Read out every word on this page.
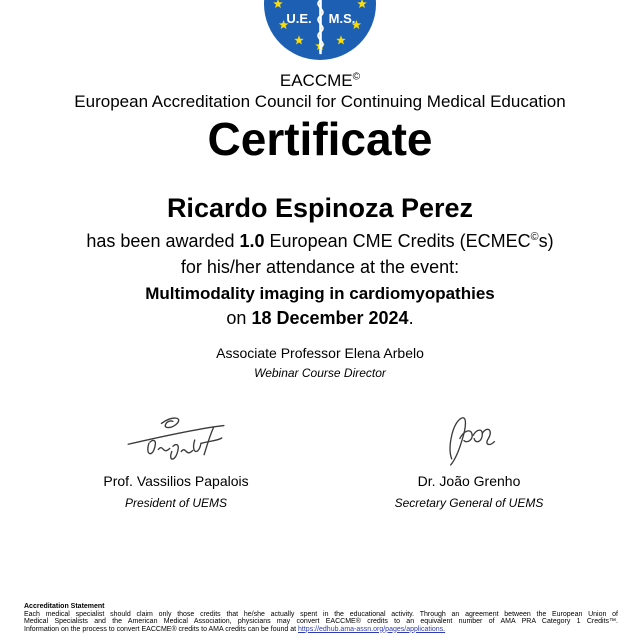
U.E. M.S.
EACCME©
European Accreditation Council for Continuing Medical Education
Certificate
Ricardo Espinoza Perez
has been awarded 1.0 European CME Credits (ECMEC©s)
for his/her attendance at the event:
Multimodality imaging in cardiomyopathies
on 18 December 2024.
Associate Professor Elena Arbelo
Webinar Course Director
Prof. Vassilios Papalois
President of UEMS
Dr. João Grenho
Secretary General of UEMS
Accreditation Statement
Each medical specialist should claim only those credits that he/she actually spent in the educational activity. Through an agreement between the European Union of
Medical Specialists and the American Medical Association, physicians may convert EACCME® credits to an equivalent number of AMA PRA Category 1 Credits™.
Information on the process to convert EACCME® credits to AMA credits can be found at https://edhub.ama-assn.org/pages/applications.
